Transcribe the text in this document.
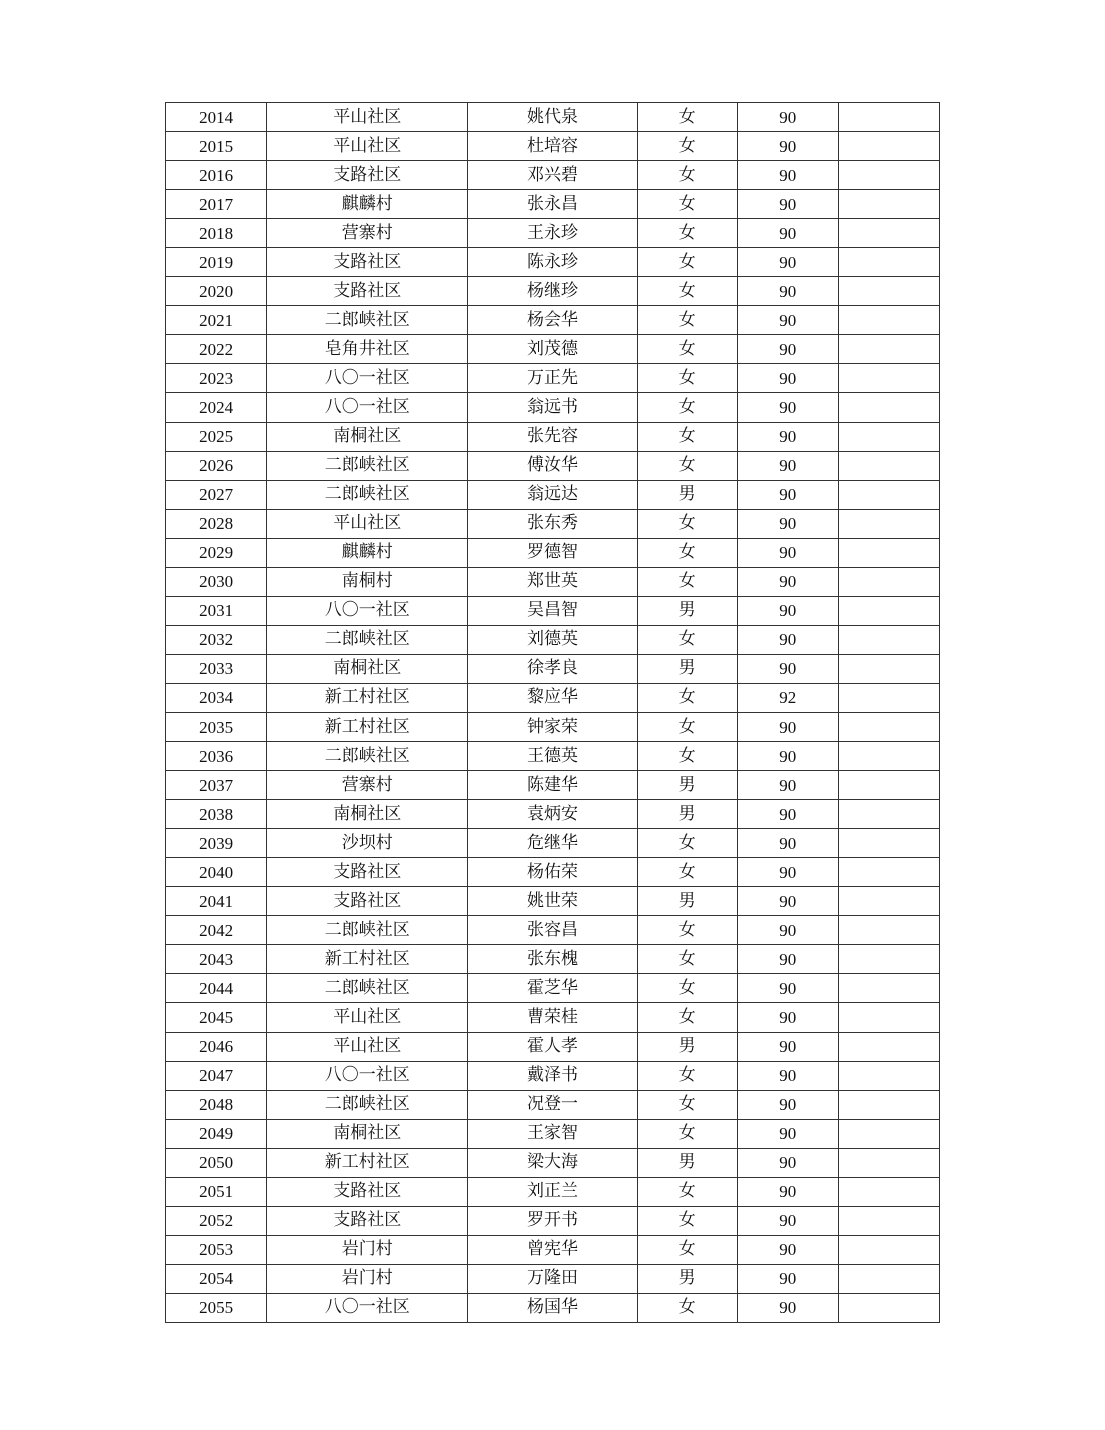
2014	平山社区	姚代泉	女	90	
2015	平山社区	杜培容	女	90	
2016	支路社区	邓兴碧	女	90	
2017	麒麟村	张永昌	女	90	
2018	营寨村	王永珍	女	90	
2019	支路社区	陈永珍	女	90	
2020	支路社区	杨继珍	女	90	
2021	二郎峡社区	杨会华	女	90	
2022	皂角井社区	刘茂德	女	90	
2023	八〇一社区	万正先	女	90	
2024	八〇一社区	翁远书	女	90	
2025	南桐社区	张先容	女	90	
2026	二郎峡社区	傅汝华	女	90	
2027	二郎峡社区	翁远达	男	90	
2028	平山社区	张东秀	女	90	
2029	麒麟村	罗德智	女	90	
2030	南桐村	郑世英	女	90	
2031	八〇一社区	吴昌智	男	90	
2032	二郎峡社区	刘德英	女	90	
2033	南桐社区	徐孝良	男	90	
2034	新工村社区	黎应华	女	92	
2035	新工村社区	钟家荣	女	90	
2036	二郎峡社区	王德英	女	90	
2037	营寨村	陈建华	男	90	
2038	南桐社区	袁炳安	男	90	
2039	沙坝村	危继华	女	90	
2040	支路社区	杨佑荣	女	90	
2041	支路社区	姚世荣	男	90	
2042	二郎峡社区	张容昌	女	90	
2043	新工村社区	张东槐	女	90	
2044	二郎峡社区	霍芝华	女	90	
2045	平山社区	曹荣桂	女	90	
2046	平山社区	霍人孝	男	90	
2047	八〇一社区	戴泽书	女	90	
2048	二郎峡社区	况登一	女	90	
2049	南桐社区	王家智	女	90	
2050	新工村社区	梁大海	男	90	
2051	支路社区	刘正兰	女	90	
2052	支路社区	罗开书	女	90	
2053	岩门村	曾宪华	女	90	
2054	岩门村	万隆田	男	90	
2055	八〇一社区	杨国华	女	90	
